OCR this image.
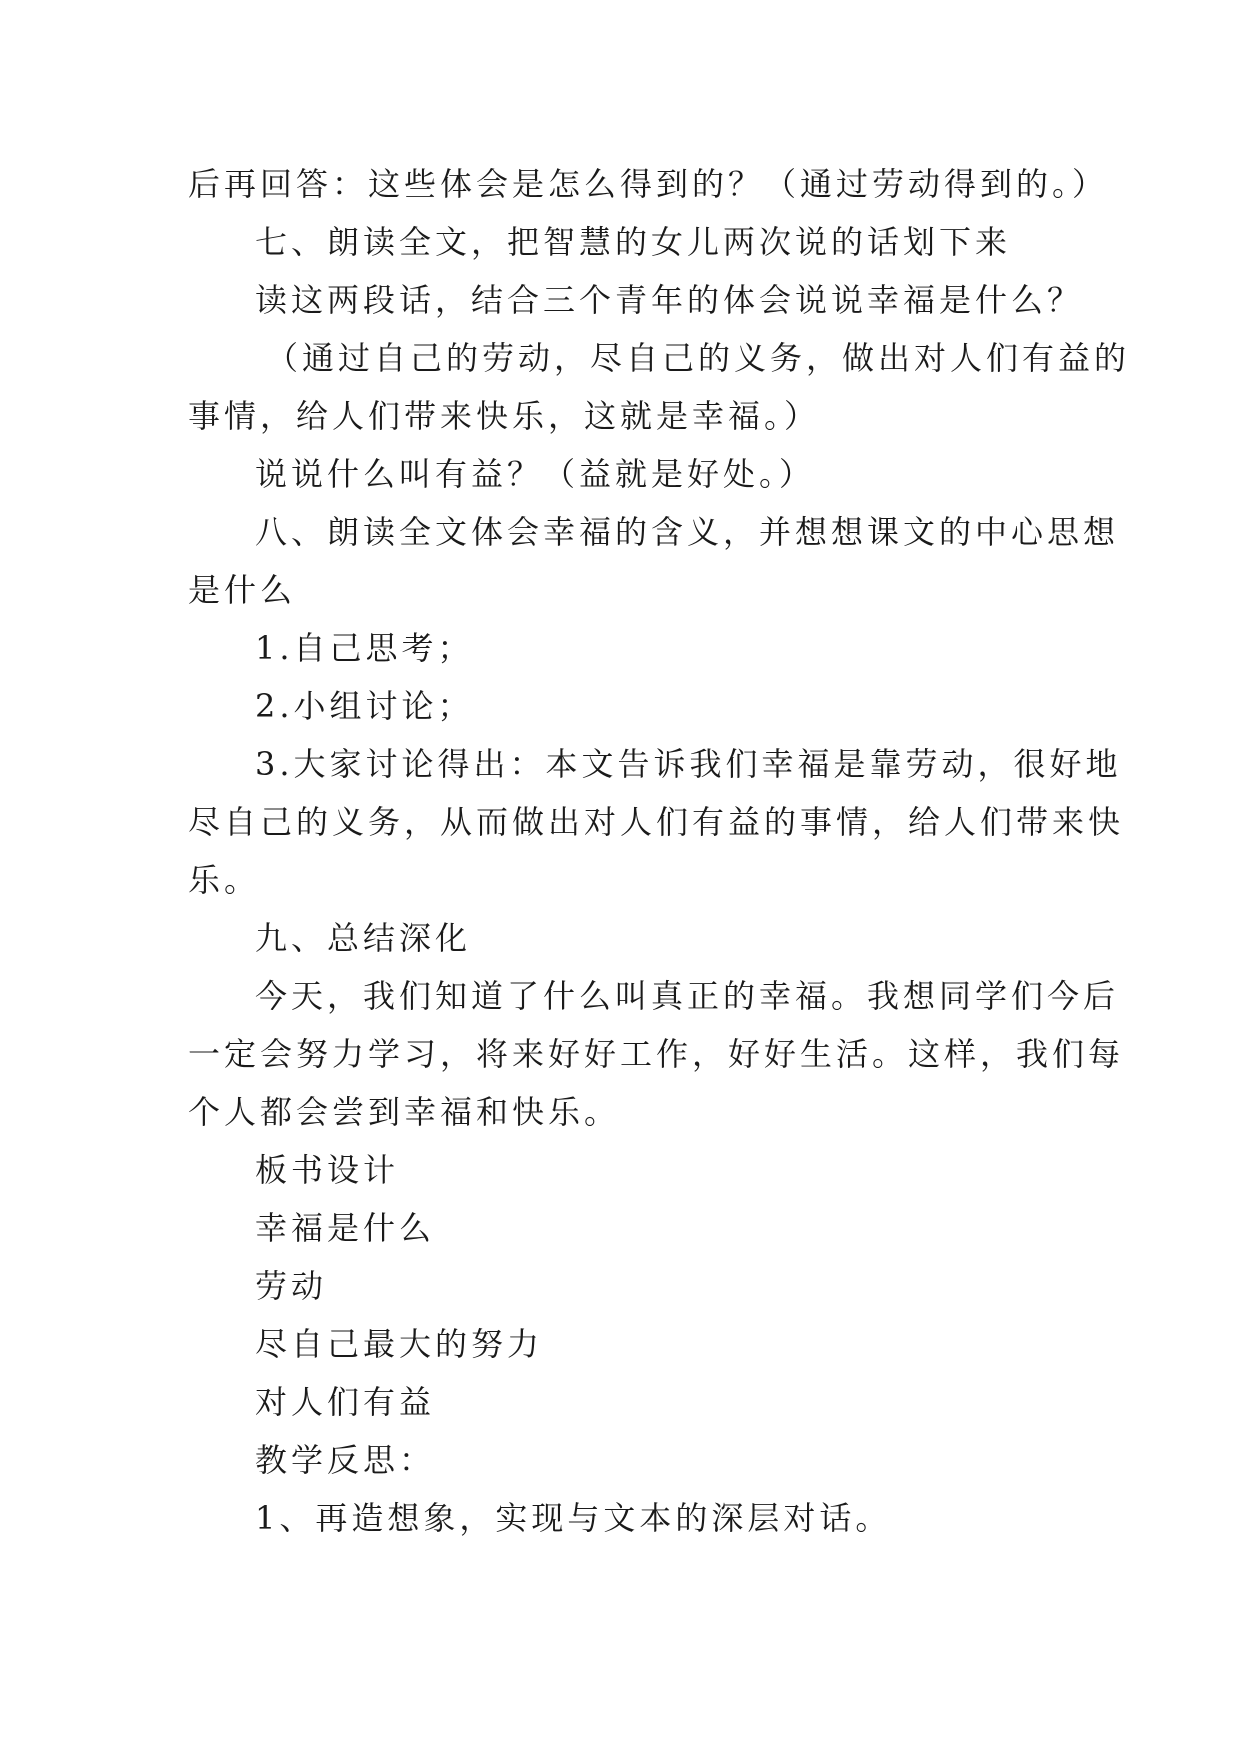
后再回答：这些体会是怎么得到的？（通过劳动得到的。）
七、朗读全文，把智慧的女儿两次说的话划下来
读这两段话，结合三个青年的体会说说幸福是什么？
（通过自己的劳动，尽自己的义务，做出对人们有益的
事情，给人们带来快乐，这就是幸福。）
说说什么叫有益？（益就是好处。）
八、朗读全文体会幸福的含义，并想想课文的中心思想
是什么
1.自己思考；
2.小组讨论；
3.大家讨论得出：本文告诉我们幸福是靠劳动，很好地
尽自己的义务，从而做出对人们有益的事情，给人们带来快
乐。
九、总结深化
今天，我们知道了什么叫真正的幸福。我想同学们今后
一定会努力学习，将来好好工作，好好生活。这样，我们每
个人都会尝到幸福和快乐。
板书设计
幸福是什么
劳动
尽自己最大的努力
对人们有益
教学反思：
1、再造想象，实现与文本的深层对话。
